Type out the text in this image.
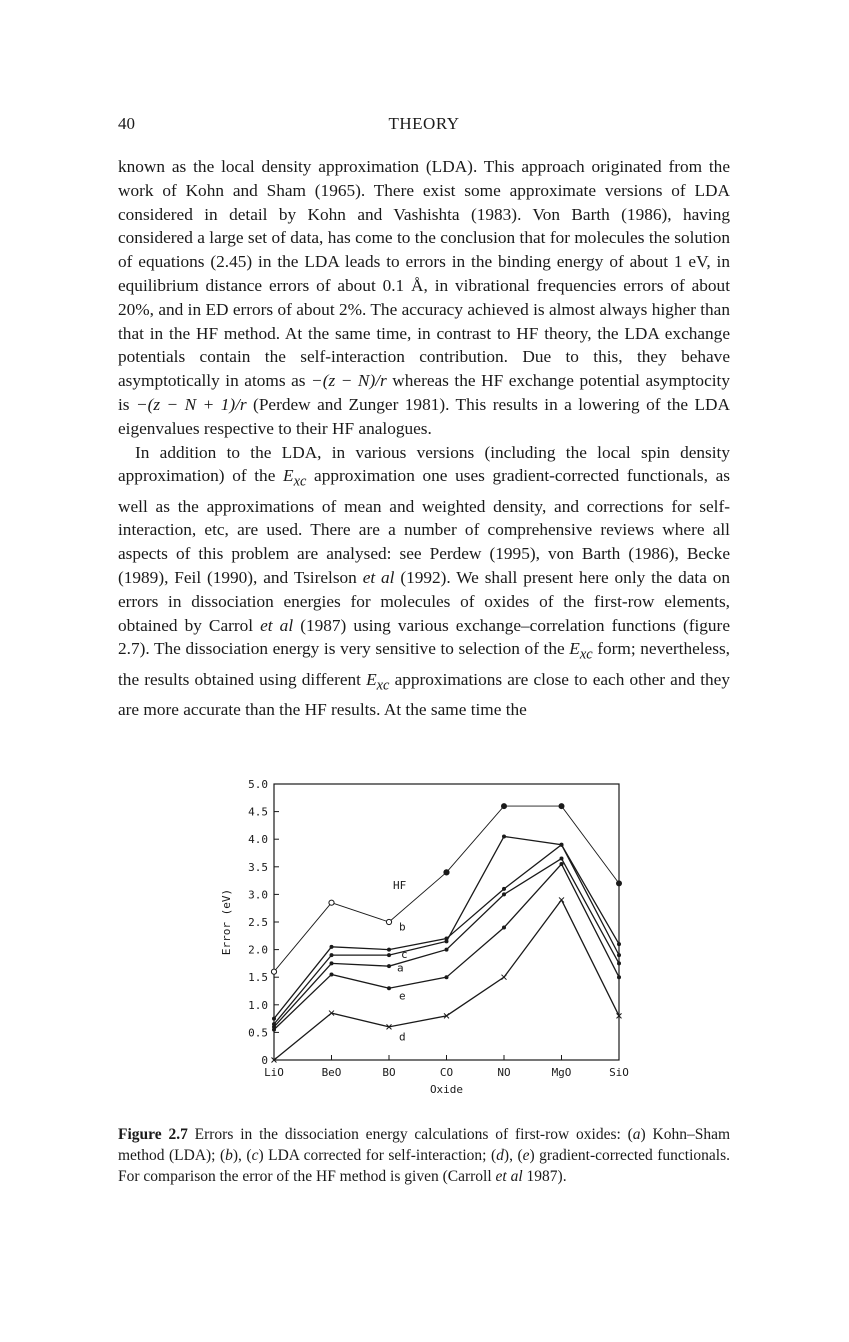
40	THEORY

known as the local density approximation (LDA). This approach originated from the work of Kohn and Sham (1965). There exist some approximate versions of LDA considered in detail by Kohn and Vashishta (1983). Von Barth (1986), having considered a large set of data, has come to the conclusion that for molecules the solution of equations (2.45) in the LDA leads to errors in the binding energy of about 1 eV, in equilibrium distance errors of about 0.1 Å, in vibrational frequencies errors of about 20%, and in ED errors of about 2%. The accuracy achieved is almost always higher than that in the HF method. At the same time, in contrast to HF theory, the LDA exchange potentials contain the self-interaction contribution. Due to this, they behave asymptotically in atoms as −(z − N)/r whereas the HF exchange potential asymptocity is −(z − N + 1)/r (Perdew and Zunger 1981). This results in a lowering of the LDA eigenvalues respective to their HF analogues.

In addition to the LDA, in various versions (including the local spin density approximation) of the $E_{xc}$ approximation one uses gradient-corrected functionals, as well as the approximations of mean and weighted density, and corrections for self-interaction, etc, are used. There are a number of comprehensive reviews where all aspects of this problem are analysed: see Perdew (1995), von Barth (1986), Becke (1989), Feil (1990), and Tsirelson et al (1992). We shall present here only the data on errors in dissociation energies for molecules of oxides of the first-row elements, obtained by Carrol et al (1987) using various exchange–correlation functions (figure 2.7). The dissociation energy is very sensitive to selection of the $E_{xc}$ form; nevertheless, the results obtained using different $E_{xc}$ approximations are close to each other and they are more accurate than the HF results. At the same time the

0
0.5
1.0
1.5
2.0
2.5
3.0
3.5
4.0
4.5
5.0
LiO	BeO	BO	CO	NO	MgO	SiO
Oxide
Error (eV)
HF
b
c
a
e
d

Figure 2.7 Errors in the dissociation energy calculations of first-row oxides: (a) Kohn–Sham method (LDA); (b), (c) LDA corrected for self-interaction; (d), (e) gradient-corrected functionals. For comparison the error of the HF method is given (Carroll et al 1987).
